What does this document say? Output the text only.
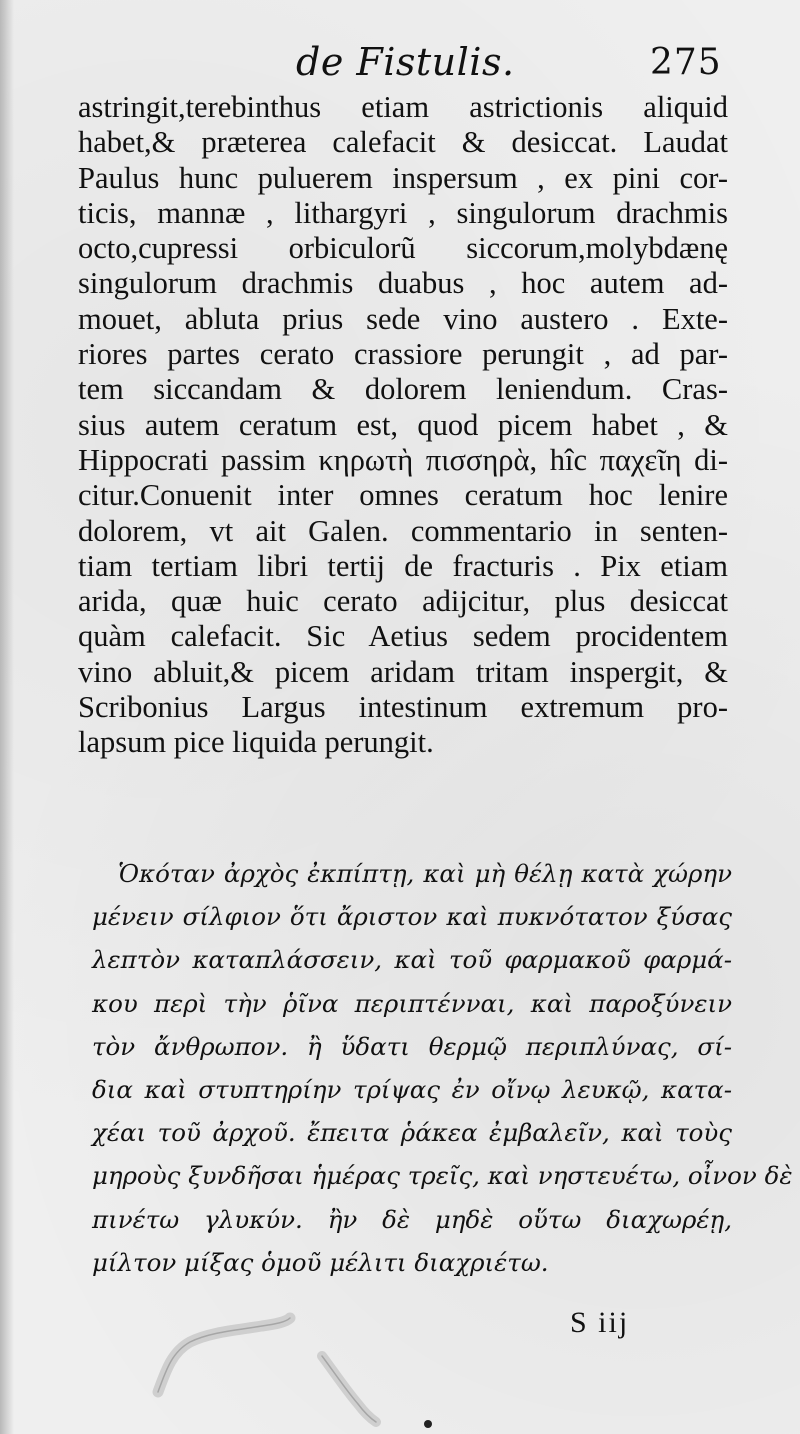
de Fistulis.	275
astringit,terebinthus etiam astrictionis aliquid
habet,& præterea calefacit & desiccat. Laudat
Paulus hunc puluerem inspersum , ex pini cor-
ticis, mannæ , lithargyri , singulorum drachmis
octo,cupressi orbiculorũ siccorum,molybdænę
singulorum drachmis duabus , hoc autem ad-
mouet, abluta prius sede vino austero . Exte-
riores partes cerato crassiore perungit , ad par-
tem siccandam & dolorem leniendum. Cras-
sius autem ceratum est, quod picem habet , &
Hippocrati passim κηρωτὴ πισσηρὰ, hîc παχεῖη di-
citur.Conuenit inter omnes ceratum hoc lenire
dolorem, vt ait Galen. commentario in senten-
tiam tertiam libri tertij de fracturis . Pix etiam
arida, quæ huic cerato adijcitur, plus desiccat
quàm calefacit. Sic Aetius sedem procidentem
vino abluit,& picem aridam tritam inspergit, &
Scribonius Largus intestinum extremum pro-
lapsum pice liquida perungit.
Ὁκόταν ἀρχὸς ἐκπίπτῃ, καὶ μὴ θέλῃ κατὰ χώρην
μένειν σίλφιον ὅτι ἄριστον καὶ πυκνότατον ξύσας
λεπτὸν καταπλάσσειν, καὶ τοῦ φαρμακοῦ φαρμά-
κου περὶ τὴν ῥῖνα περιπτένναι, καὶ παροξύνειν
τὸν ἄνθρωπον. ἢ ὕδατι θερμῷ περιπλύνας, σί-
δια καὶ στυπτηρίην τρίψας ἐν οἴνῳ λευκῷ, κατα-
χέαι τοῦ ἀρχοῦ. ἔπειτα ῥάκεα ἐμβαλεῖν, καὶ τοὺς
μηροὺς ξυνδῆσαι ἡμέρας τρεῖς, καὶ νηστευέτω, οἶνον δὲ
πινέτω γλυκύν. ἢν δὲ μηδὲ οὕτω διαχωρέῃ,
μίλτον μίξας ὁμοῦ μέλιτι διαχριέτω.
S iij
